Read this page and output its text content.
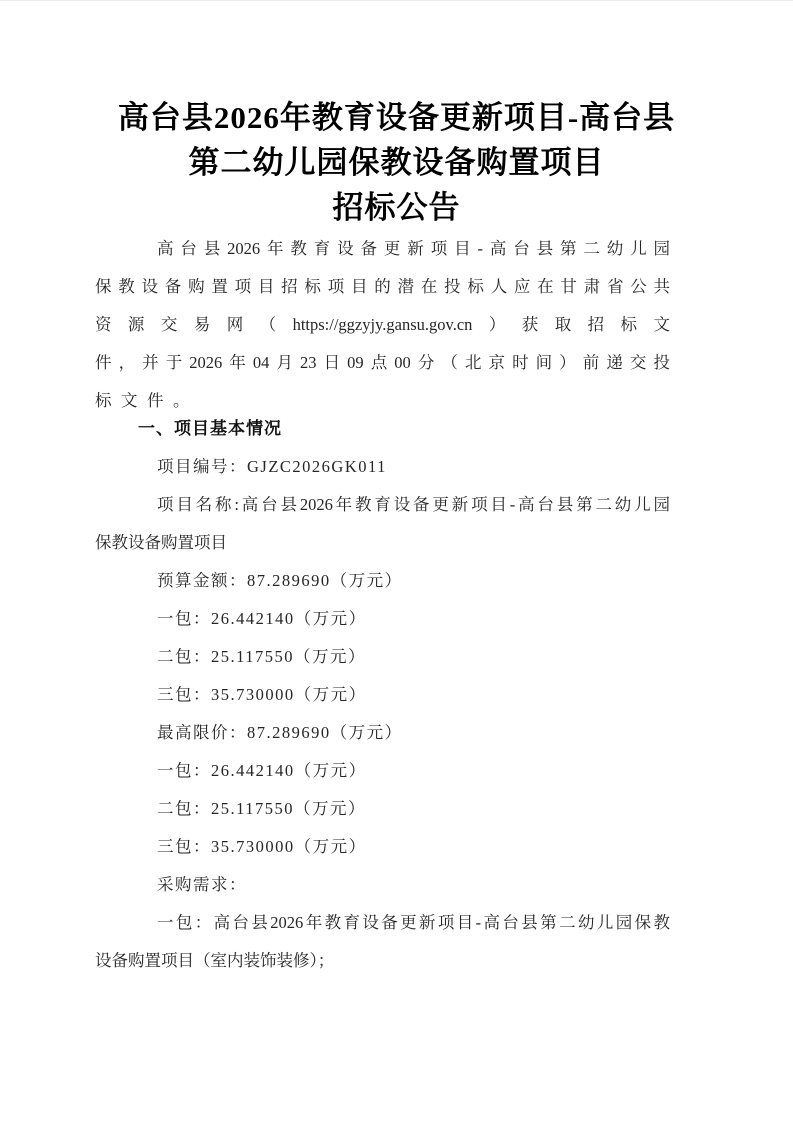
高台县2026年教育设备更新项目-高台县
第二幼儿园保教设备购置项目
招标公告
高台县2026年教育设备更新项目-高台县第二幼儿园
保教设备购置项目招标项目的潜在投标人应在甘肃省公共
资源交易网（https://ggzyjy.gansu.gov.cn）获取招标文
件，并于2026年04月23日09点00分（北京时间）前递交投
标文件。
一、项目基本情况
项目编号：GJZC2026GK011
项目名称:高台县2026年教育设备更新项目-高台县第二幼儿园
保教设备购置项目
预算金额：87.289690（万元）
一包：26.442140（万元）
二包：25.117550（万元）
三包：35.730000（万元）
最高限价：87.289690（万元）
一包：26.442140（万元）
二包：25.117550（万元）
三包：35.730000（万元）
采购需求：
一包：高台县2026年教育设备更新项目-高台县第二幼儿园保教
设备购置项目（室内装饰装修）；
